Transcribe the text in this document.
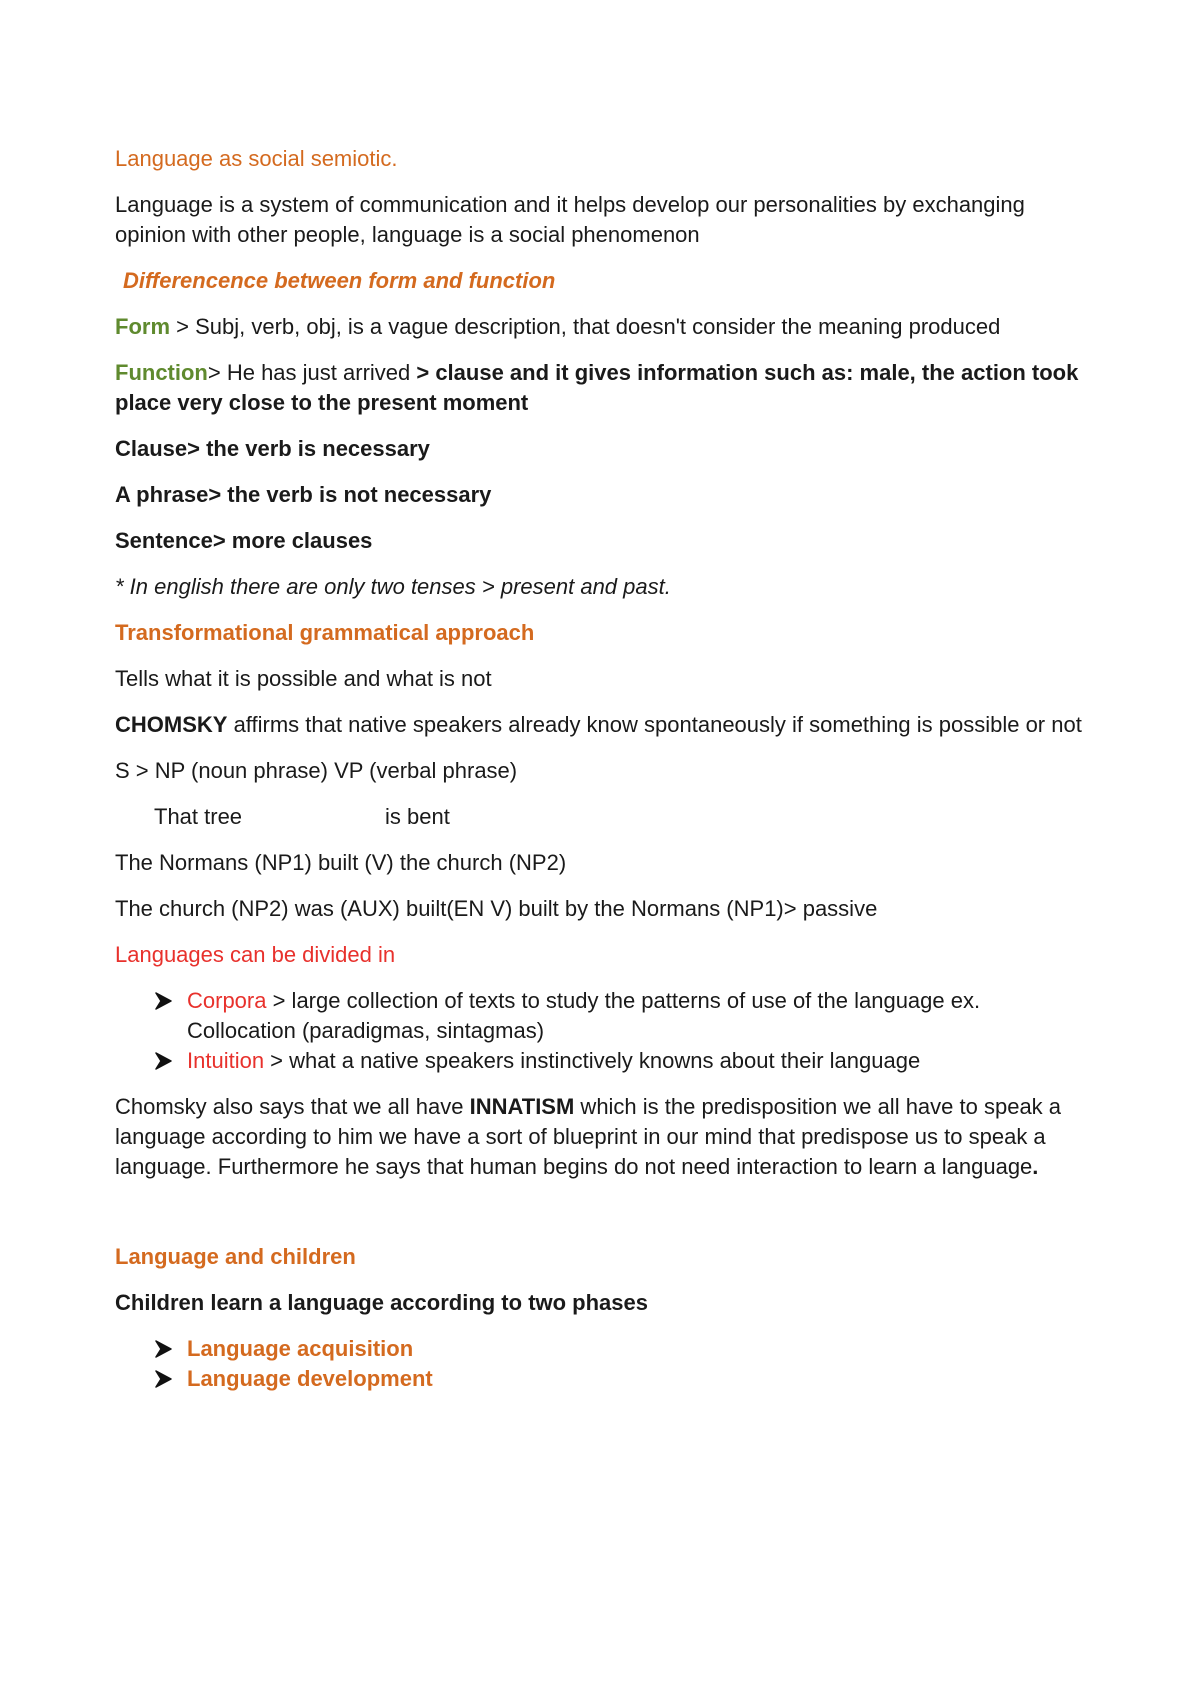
Language as social semiotic.

Language is a system of communication and it helps develop our personalities by exchanging opinion with other people, language is a social phenomenon

Differencence between form and function

Form > Subj, verb, obj, is a vague description, that doesn't consider the meaning produced

Function> He has just arrived > clause and it gives information such as: male, the action took place very close to the present moment

Clause> the verb is necessary

A phrase> the verb is not necessary

Sentence> more clauses

* In english there are only two tenses > present and past.

Transformational grammatical approach

Tells what it is possible and what is not

CHOMSKY affirms that native speakers already know spontaneously if something is possible or not

S > NP (noun phrase) VP (verbal phrase)

That tree	is bent

The Normans (NP1) built (V) the church (NP2)

The church (NP2) was (AUX) built(EN V) built by the Normans (NP1)> passive

Languages can be divided in

Corpora > large collection of texts to study the patterns of use of the language ex. Collocation (paradigmas, sintagmas)
Intuition > what a native speakers instinctively knowns about their language

Chomsky also says that we all have INNATISM which is the predisposition we all have to speak a language according to him we have a sort of blueprint in our mind that predispose us to speak a language. Furthermore he says that human begins do not need interaction to learn a language.

Language and children

Children learn a language according to two phases

Language acquisition
Language development
